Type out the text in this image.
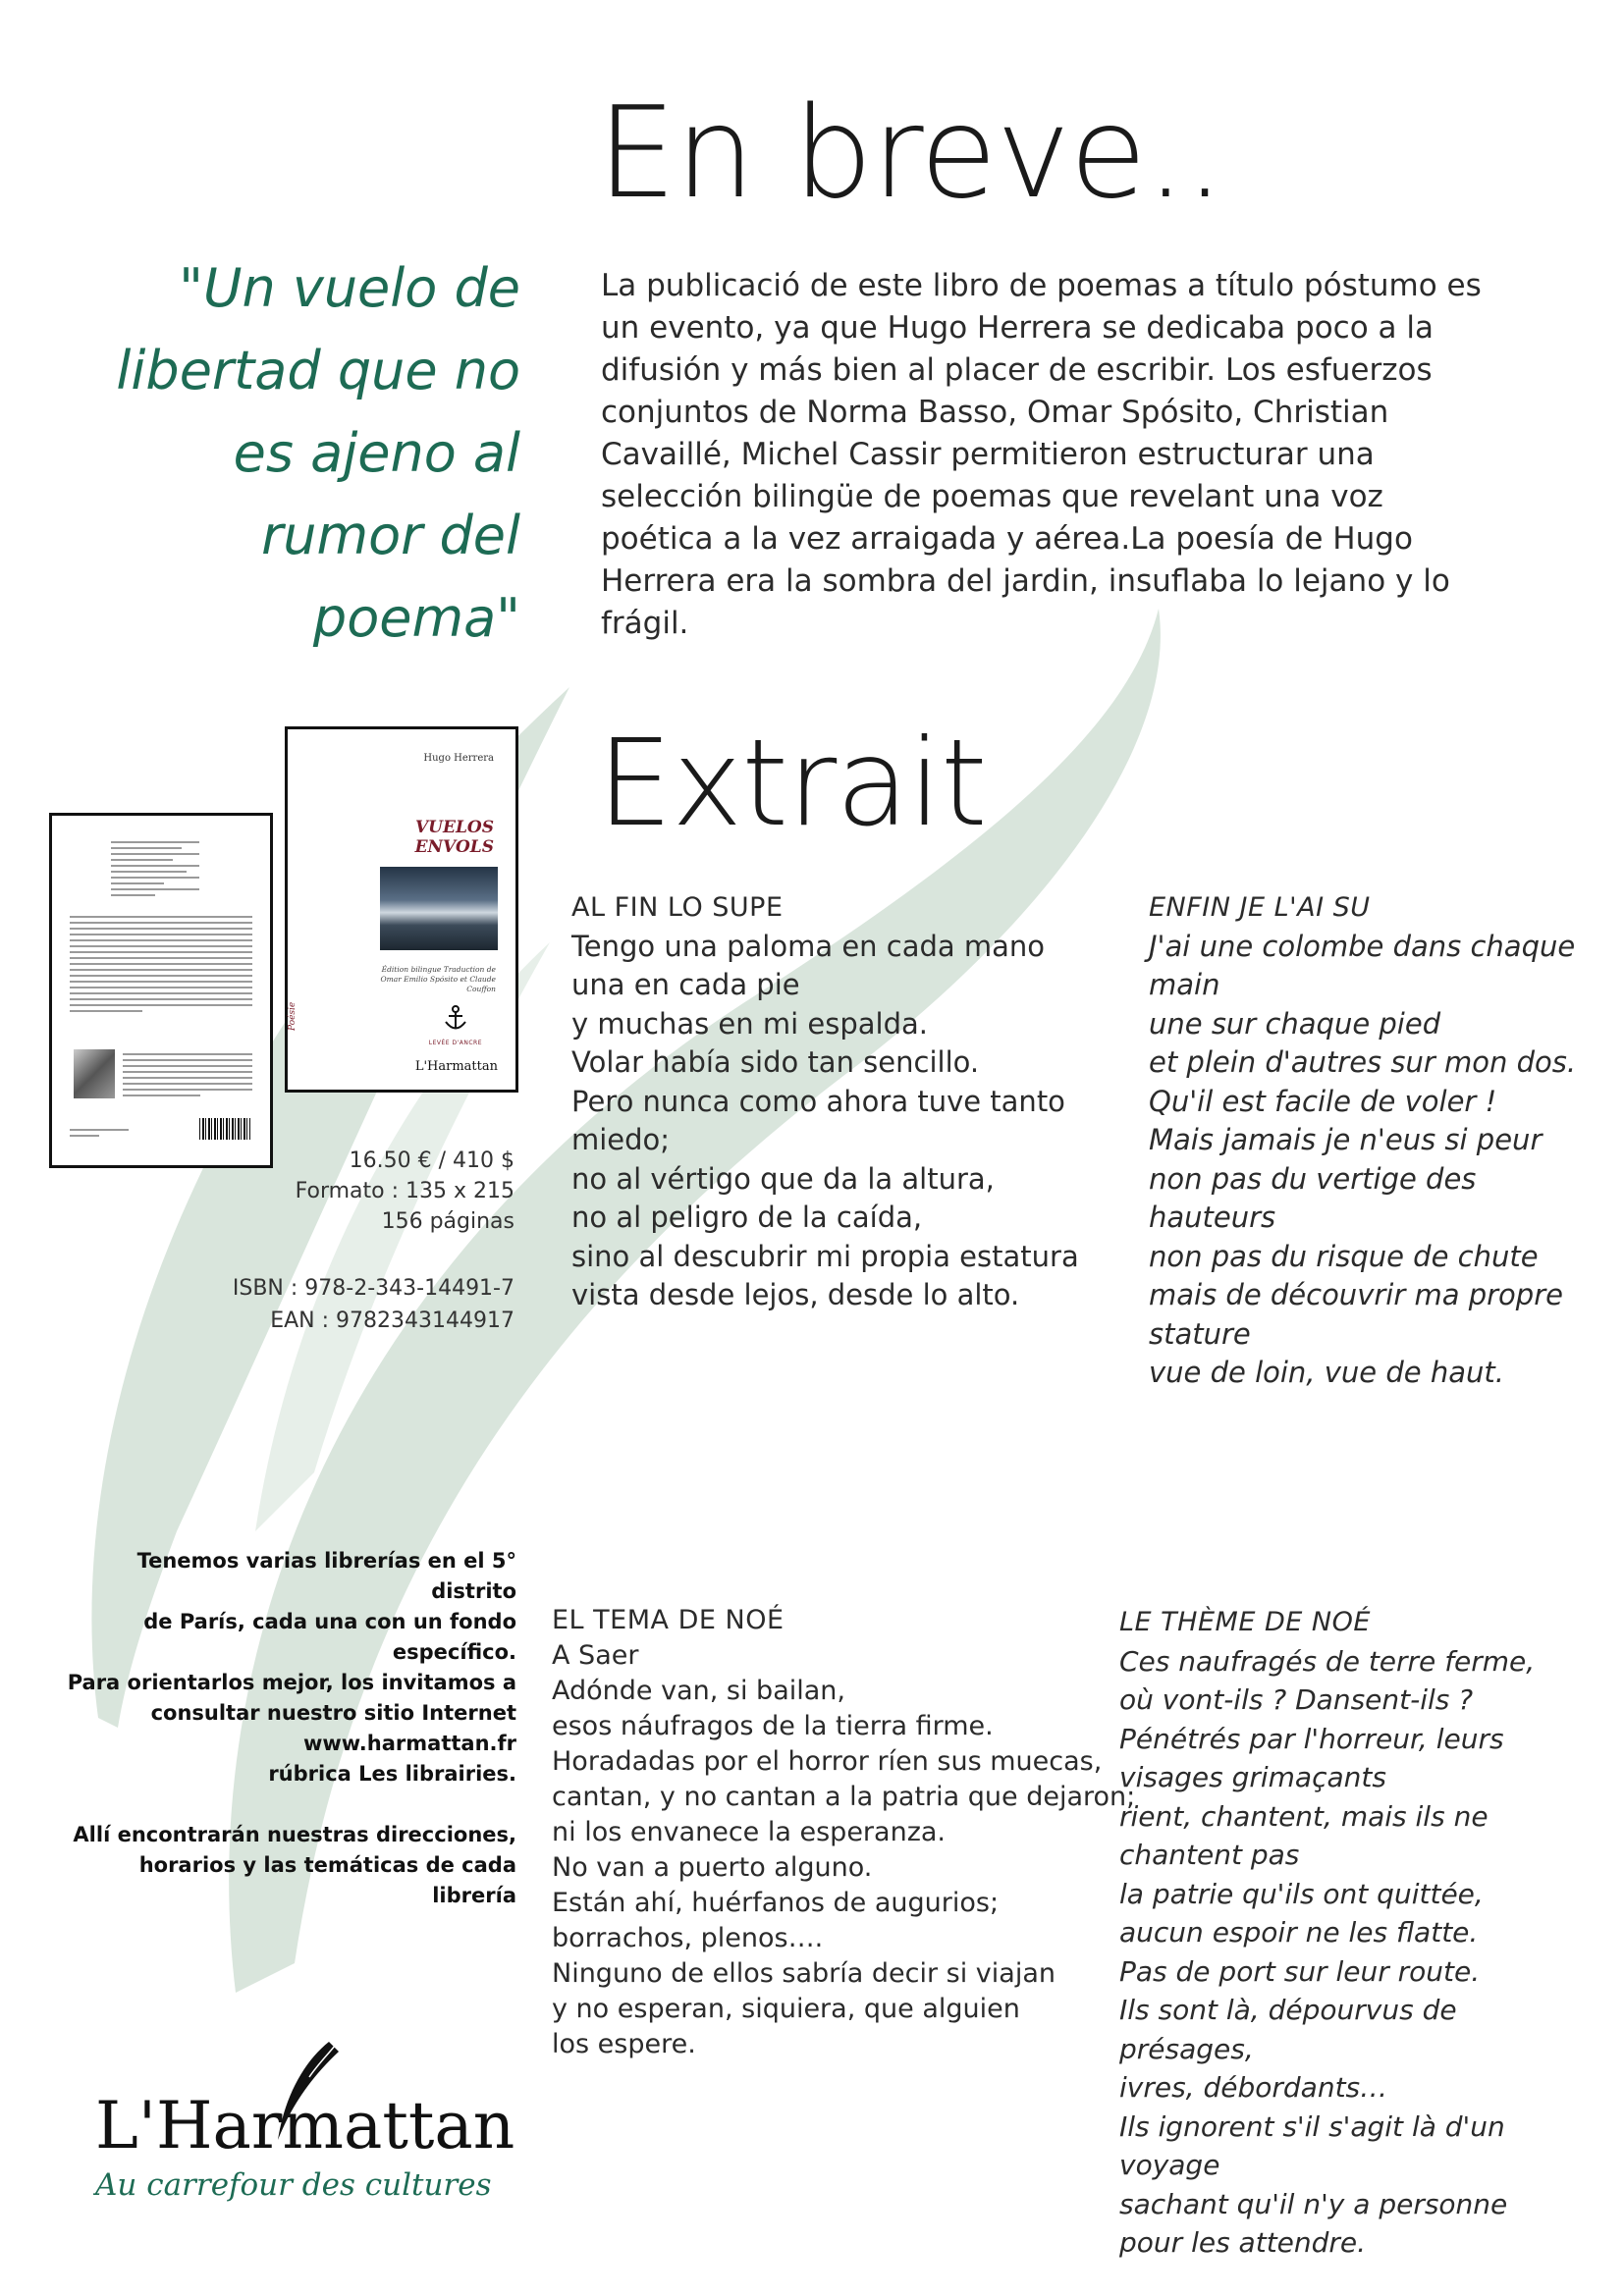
En breve..
"Un vuelo de libertad que no es ajeno al rumor del poema"

La publicació de este libro de poemas a título póstumo es un evento, ya que Hugo Herrera se dedicaba poco a la difusión y más bien al placer de escribir. Los esfuerzos conjuntos de Norma Basso, Omar Spósito, Christian Cavaillé, Michel Cassir permitieron estructurar una selección bilingüe de poemas que revelant una voz poética a la vez arraigada y aérea.La poesía de Hugo Herrera era la sombra del jardin, insuflaba lo lejano y lo frágil.

Hugo Herrera
VUELOS
ENVOLS
Édition bilingue Traduction de Omar Emilio Spósito et Claude Couffon
LEVÉE D'ANCRE
L'Harmattan
Poésie
16.50 € / 410 $
Formato : 135 x 215
156 páginas
ISBN : 978-2-343-14491-7
EAN : 9782343144917
Extrait
AL FIN LO SUPE
Tengo una paloma en cada mano
una en cada pie
y muchas en mi espalda.
Volar había sido tan sencillo.
Pero nunca como ahora tuve tanto
miedo;
no al vértigo que da la altura,
no al peligro de la caída,
sino al descubrir mi propia estatura
vista desde lejos, desde lo alto.
ENFIN JE L'AI SU
J'ai une colombe dans chaque main
une sur chaque pied
et plein d'autres sur mon dos.
Qu'il est facile de voler !
Mais jamais je n'eus si peur
non pas du vertige des hauteurs
non pas du risque de chute
mais de découvrir ma propre stature
vue de loin, vue de haut.
Tenemos varias librerías en el 5° distrito
de París, cada una con un fondo
específico.
Para orientarlos mejor, los invitamos a
consultar nuestro sitio Internet
www.harmattan.fr
rúbrica Les librairies.
Allí encontrarán nuestras direcciones,
horarios y las temáticas de cada librería
EL TEMA DE NOÉ
A Saer
Adónde van, si bailan,
esos náufragos de la tierra firme.
Horadadas por el horror ríen sus muecas,
cantan, y no cantan a la patria que dejaron;
ni los envanece la esperanza.
No van a puerto alguno.
Están ahí, huérfanos de augurios;
borrachos, plenos….
Ninguno de ellos sabría decir si viajan
y no esperan, siquiera, que alguien
los espere.
LE THÈME DE NOÉ
Ces naufragés de terre ferme,
où vont-ils ? Dansent-ils ?
Pénétrés par l'horreur, leurs visages grimaçants
rient, chantent, mais ils ne chantent pas
la patrie qu'ils ont quittée,
aucun espoir ne les flatte.
Pas de port sur leur route.
Ils sont là, dépourvus de présages,
ivres, débordants…
Ils ignorent s'il s'agit là d'un voyage
sachant qu'il n'y a personne
pour les attendre.
L'Harmattan
Au carrefour des cultures
